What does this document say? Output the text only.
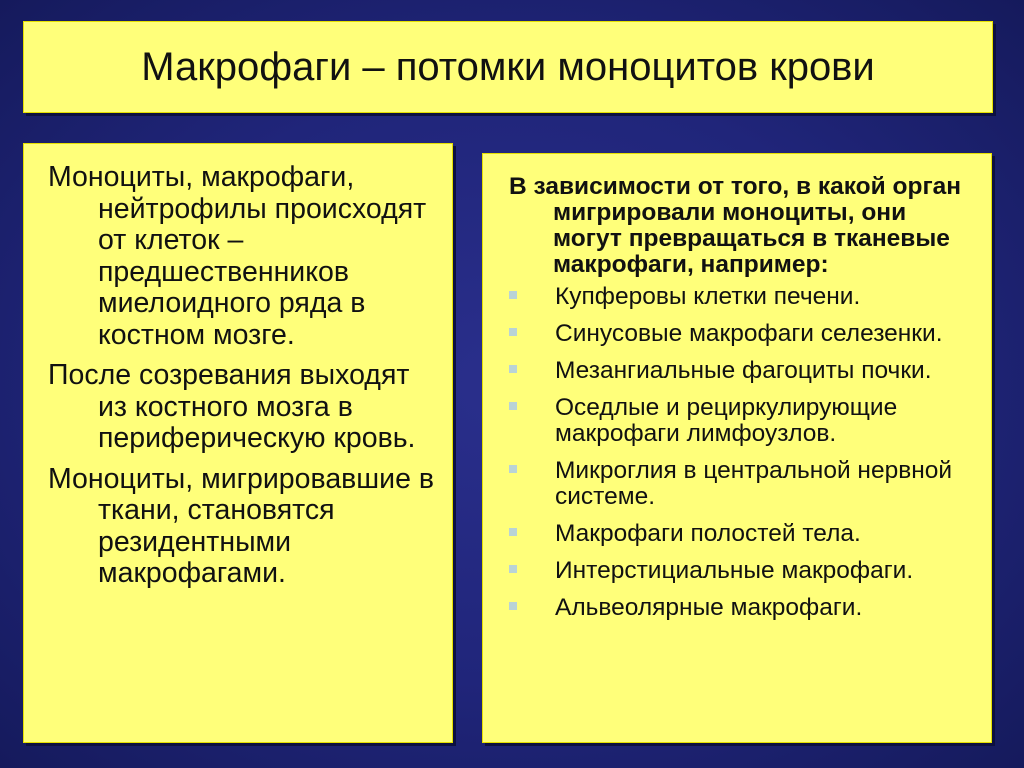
Макрофаги – потомки моноцитов крови

Моноциты, макрофаги, нейтрофилы происходят от клеток –предшественников миелоидного ряда в костном мозге.

После созревания выходят из костного мозга в периферическую кровь.

Моноциты, мигрировавшие в ткани, становятся резидентными макрофагами.

В зависимости от того, в какой орган мигрировали моноциты, они могут превращаться в тканевые макрофаги, например:

Купферовы клетки печени.
Синусовые макрофаги селезенки.
Мезангиальные фагоциты почки.
Оседлые и рециркулирующие макрофаги лимфоузлов.
Микроглия в центральной нервной системе.
Макрофаги полостей тела.
Интерстициальные макрофаги.
Альвеолярные макрофаги.
